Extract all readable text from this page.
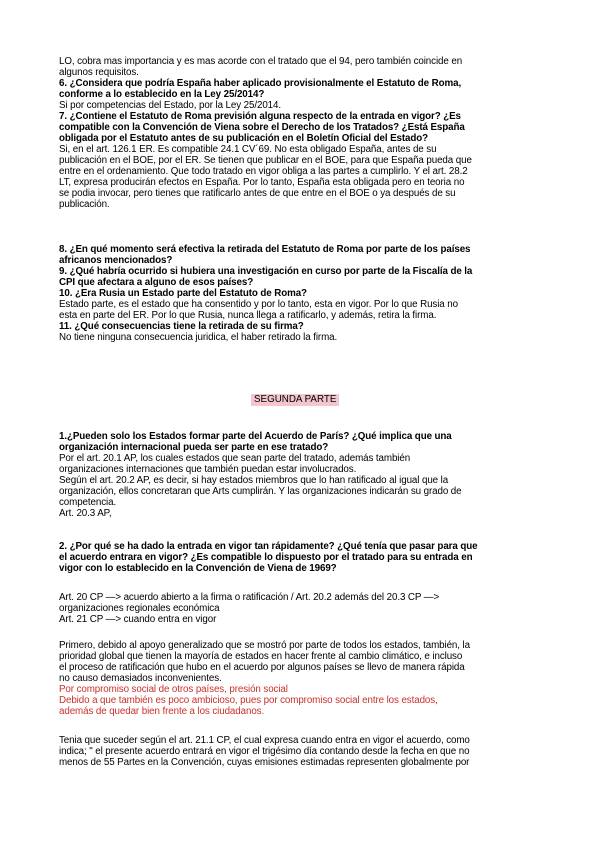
LO, cobra mas importancia y es mas acorde con el tratado que el 94, pero también coincide en
algunos requisitos.
6. ¿Considera que podría España haber aplicado provisionalmente el Estatuto de Roma,
conforme a lo establecido en la Ley 25/2014?
Si por competencias del Estado, por la Ley 25/2014.
7. ¿Contiene el Estatuto de Roma previsión alguna respecto de la entrada en vigor? ¿Es
compatible con la Convención de Viena sobre el Derecho de los Tratados? ¿Está España
obligada por el Estatuto antes de su publicación en el Boletín Oficial del Estado?
Si, en el art. 126.1 ER. Es compatible 24.1 CV´69. No esta obligado España, antes de su
publicación en el BOE, por el ER. Se tienen que publicar en el BOE, para que España pueda que
entre en el ordenamiento. Que todo tratado en vigor obliga a las partes a cumplirlo. Y el art. 28.2
LT, expresa producirán efectos en España. Por lo tanto, España esta obligada pero en teoria no
se podia invocar, pero tienes que ratificarlo antes de que entre en el BOE o ya después de su
publicación.
8. ¿En qué momento será efectiva la retirada del Estatuto de Roma por parte de los países
africanos mencionados?
9. ¿Qué habría ocurrido si hubiera una investigación en curso por parte de la Fiscalía de la
CPI que afectara a alguno de esos países?
10. ¿Era Rusia un Estado parte del Estatuto de Roma?
Estado parte, es el estado que ha consentido y por lo tanto, esta en vigor. Por lo que Rusia no
esta en parte del ER. Por lo que Rusia, nunca llega a ratificarlo, y además, retira la firma.
11. ¿Qué consecuencias tiene la retirada de su firma?
No tiene ninguna consecuencia juridica, el haber retirado la firma.
SEGUNDA PARTE
1.¿Pueden solo los Estados formar parte del Acuerdo de París? ¿Qué implica que una
organización internacional pueda ser parte en ese tratado?
Por el art. 20.1 AP, los cuales estados que sean parte del tratado, además también
organizaciones internaciones que también puedan estar involucrados.
Según el art. 20.2 AP, es decir, si hay estados miembros que lo han ratificado al igual que la
organización, ellos concretaran que Arts cumplirán. Y las organizaciones indicarán su grado de
competencia.
Art. 20.3 AP,
2. ¿Por qué se ha dado la entrada en vigor tan rápidamente? ¿Qué tenía que pasar para que
el acuerdo entrara en vigor? ¿Es compatible lo dispuesto por el tratado para su entrada en
vigor con lo establecido en la Convención de Viena de 1969?
Art. 20 CP —> acuerdo abierto a la firma o ratificación / Art. 20.2 además del 20.3 CP —>
organizaciones regionales económica
Art. 21 CP —> cuando entra en vigor
Primero, debido al apoyo generalizado que se mostró por parte de todos los estados, también, la
prioridad global que tienen la mayoría de estados en hacer frente al cambio climático, e incluso
el proceso de ratificación que hubo en el acuerdo por algunos países se llevo de manera rápida
no causo demasiados inconvenientes.
Por compromiso social de otros países, presión social
Debido a que también es poco ambicioso, pues por compromiso social entre los estados,
además de quedar bien frente a los ciudadanos.
Tenia que suceder según el art. 21.1 CP, el cual expresa cuando entra en vigor el acuerdo, como
indica; " el presente acuerdo entrará en vigor el trigésimo día contando desde la fecha en que no
menos de 55 Partes en la Convención, cuyas emisiones estimadas representen globalmente por
